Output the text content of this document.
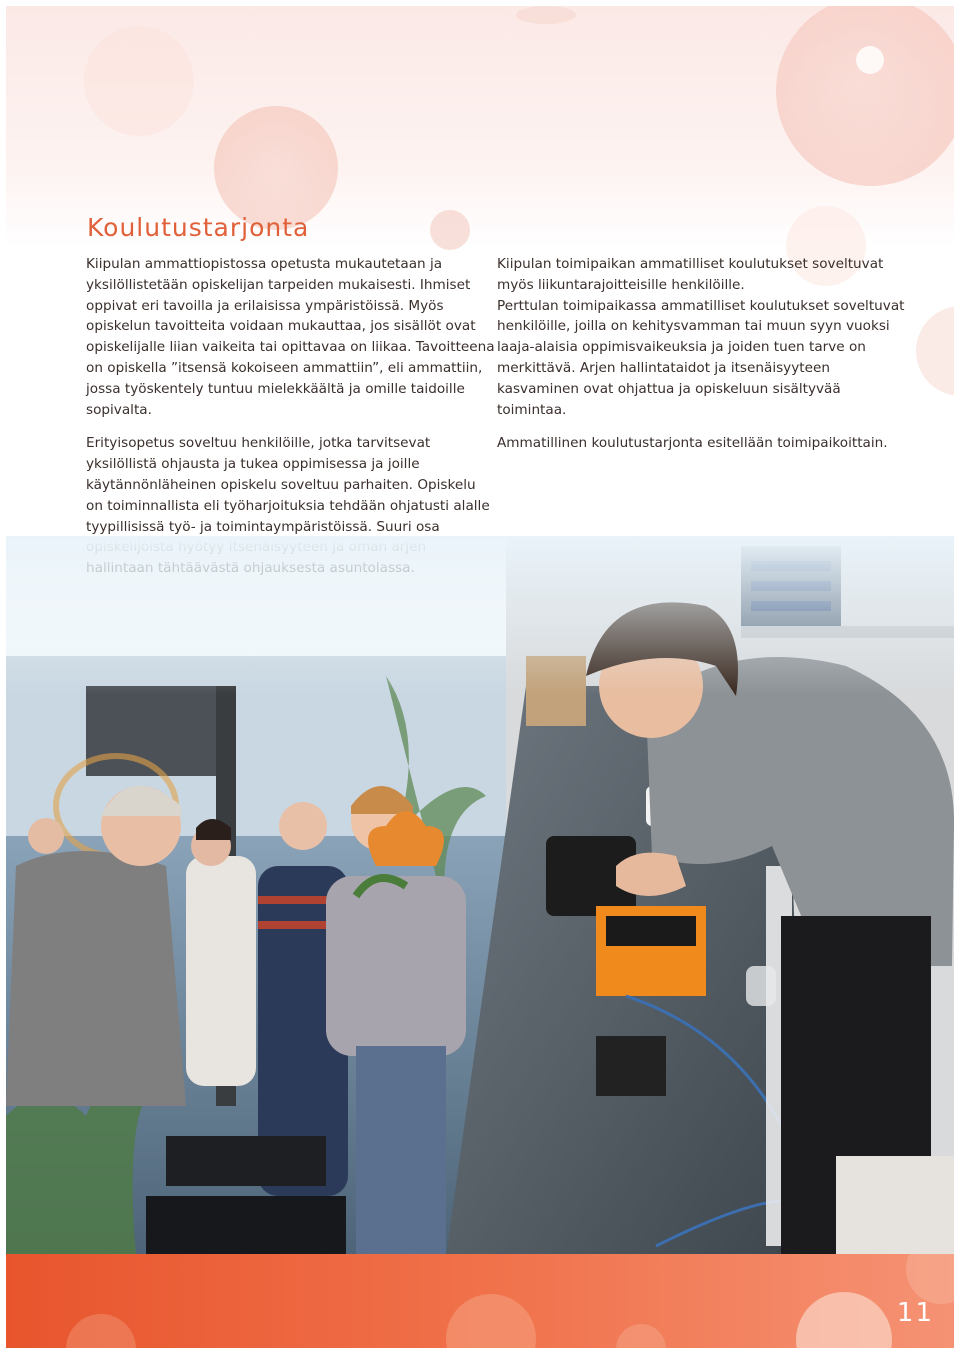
Koulutustarjonta

Kiipulan ammattiopistossa opetusta mukautetaan ja yksilöllistetään opiskelijan tarpeiden mukaisesti. Ihmiset oppivat eri tavoilla ja erilaisissa ympäristöissä. Myös opiskelun tavoitteita voidaan mukauttaa, jos sisällöt ovat opiskelijalle liian vaikeita tai opittavaa on liikaa. Tavoitteena on opiskella ”itsensä kokoiseen ammattiin”, eli ammattiin, jossa työskentely tuntuu mielekkäältä ja omille taidoille sopivalta.

Erityisopetus soveltuu henkilöille, jotka tarvitsevat yksilöllistä ohjausta ja tukea oppimisessa ja joille käytännönläheinen opiskelu soveltuu parhaiten. Opiskelu on toiminnallista eli työharjoituksia tehdään ohjatusti alalle tyypillisissä työ- ja toimintaympäristöissä. Suuri osa

Kiipulan toimipaikan ammatilliset koulutukset soveltuvat myös liikuntarajoitteisille henkilöille.

Perttulan toimipaikassa ammatilliset koulutukset soveltuvat henkilöille, joilla on kehitysvamman tai muun syyn vuoksi laaja-alaisia oppimisvaikeuksia ja joiden tuen tarve on merkittävä. Arjen hallintataidot ja itsenäisyyteen kasvaminen ovat ohjattua ja opiskeluun sisältyvää toimintaa.

Ammatillinen koulutustarjonta esitellään toimipaikoittain.

11
